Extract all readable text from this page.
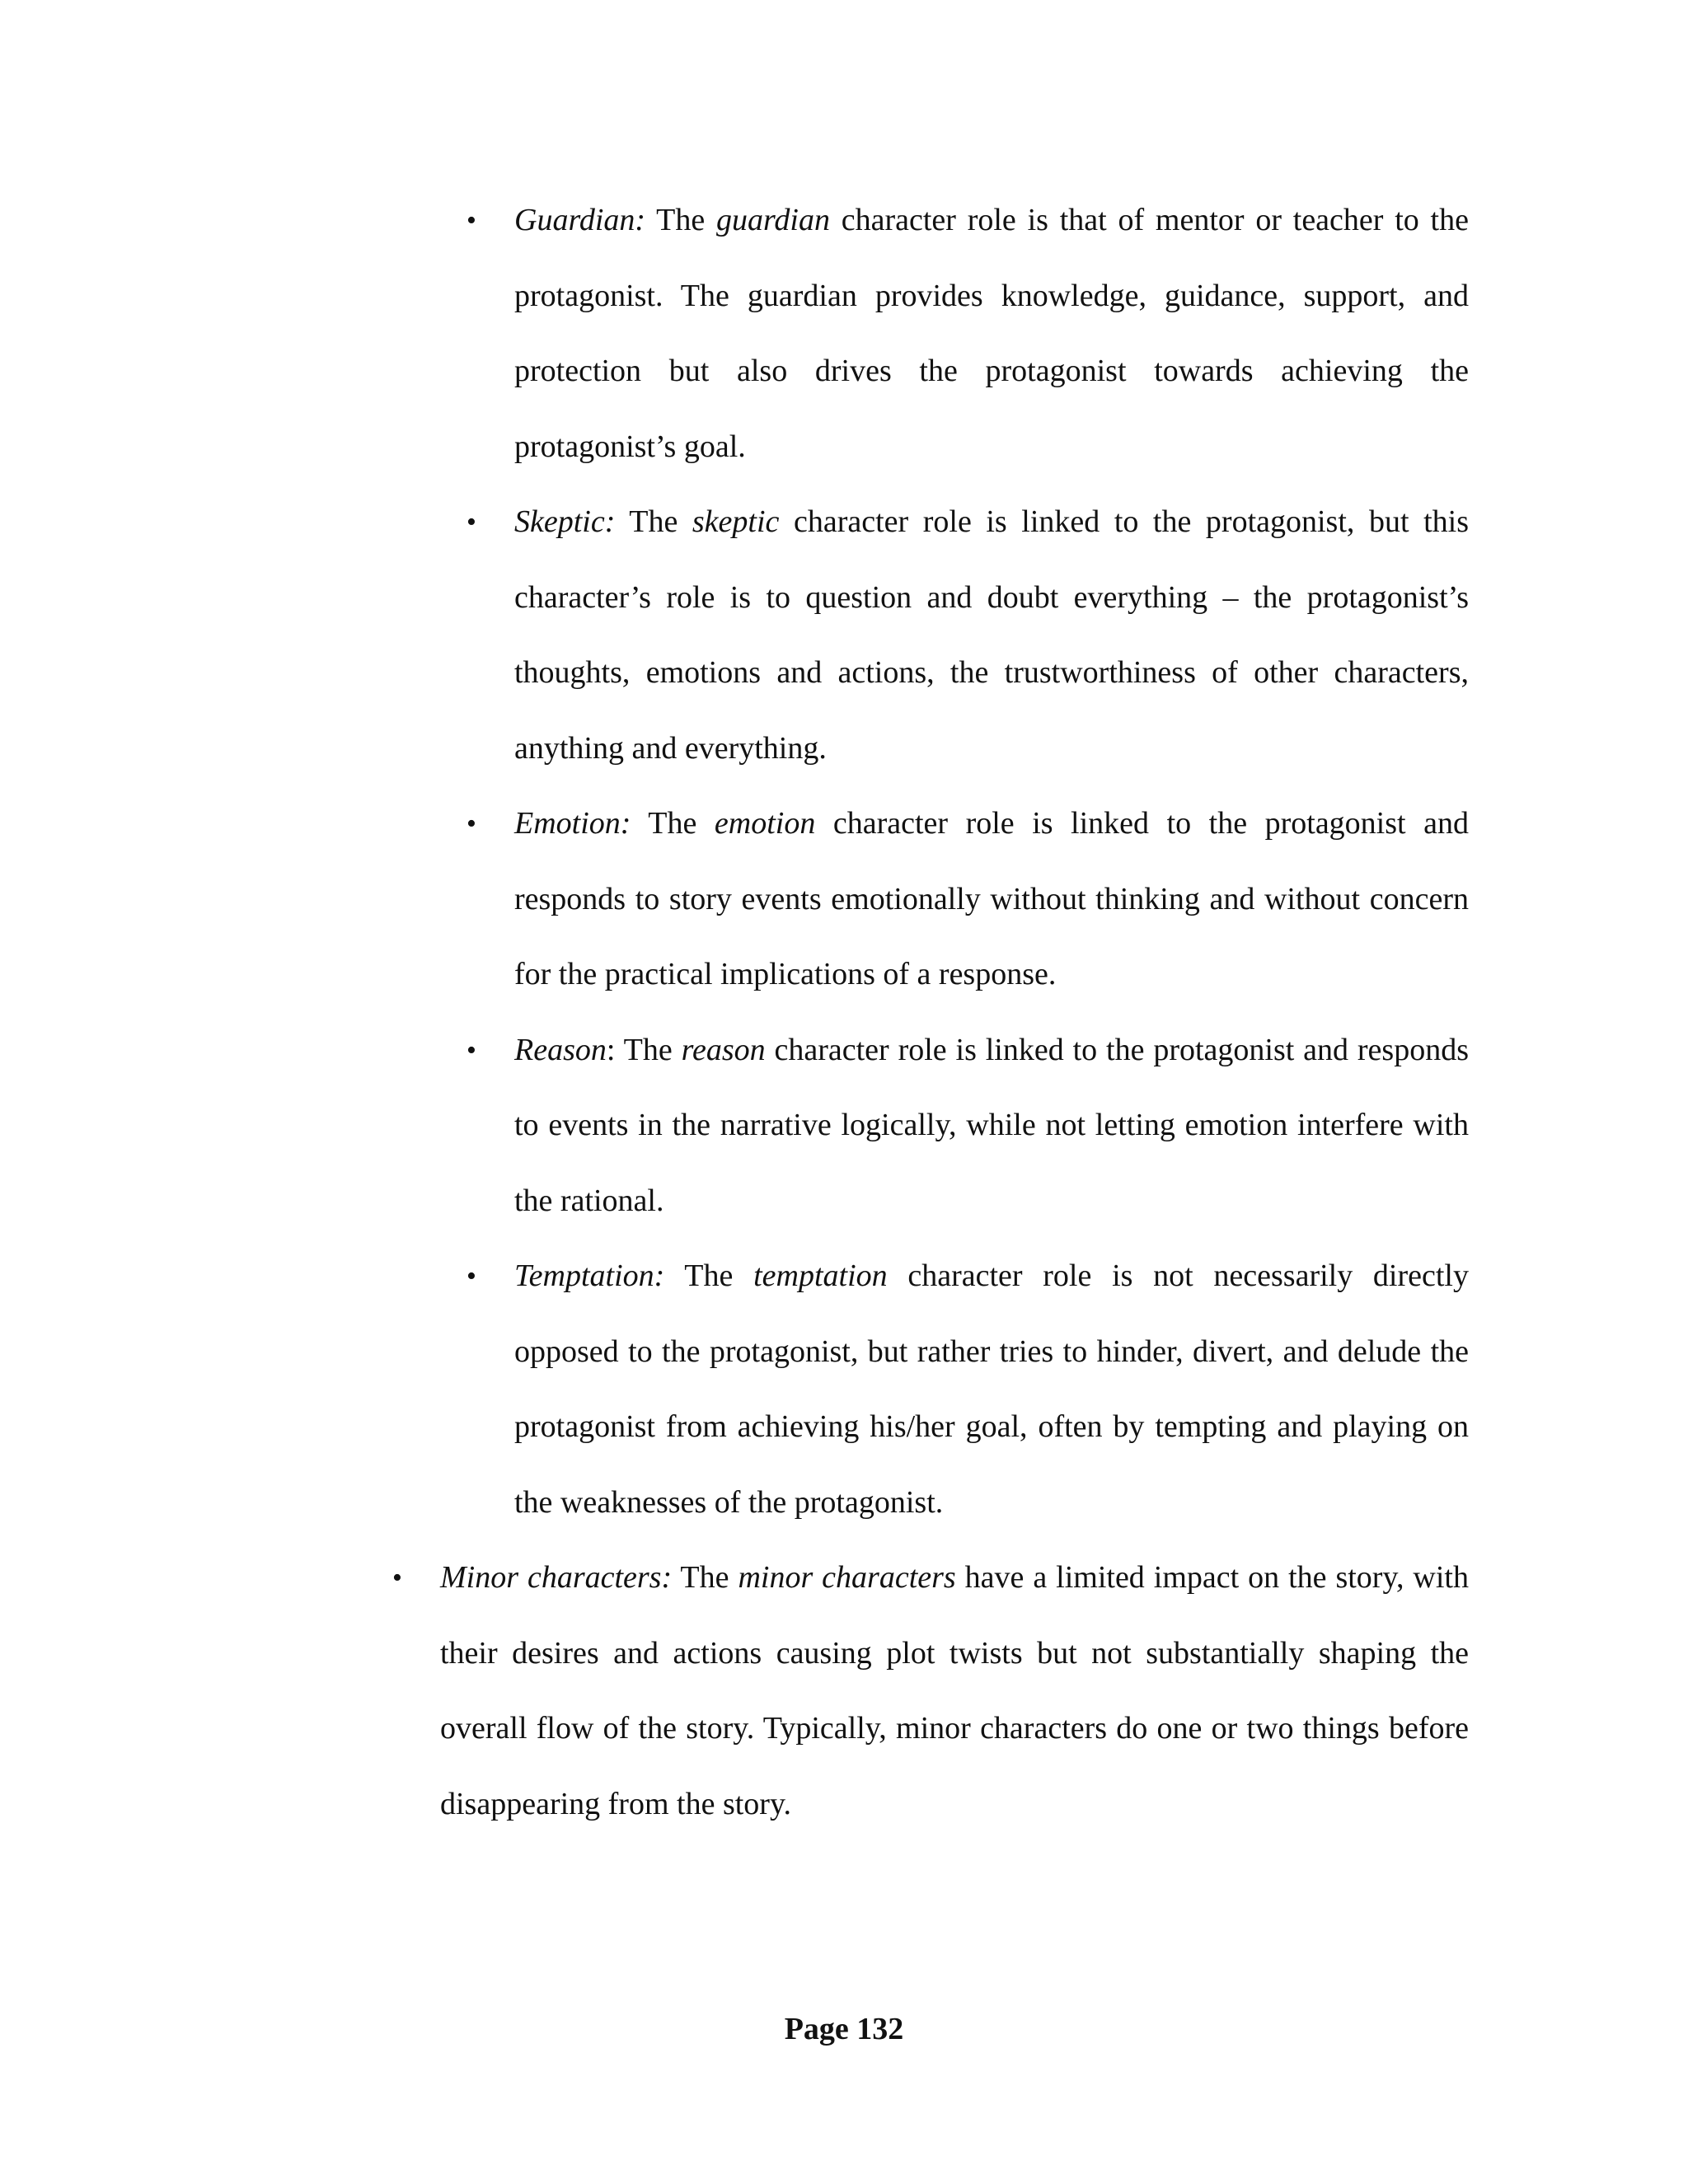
• Guardian: The guardian character role is that of mentor or teacher to the protagonist. The guardian provides knowledge, guidance, support, and protection but also drives the protagonist towards achieving the protagonist’s goal.

• Skeptic: The skeptic character role is linked to the protagonist, but this character’s role is to question and doubt everything – the protagonist’s thoughts, emotions and actions, the trustworthiness of other characters, anything and everything.

• Emotion: The emotion character role is linked to the protagonist and responds to story events emotionally without thinking and without concern for the practical implications of a response.

• Reason: The reason character role is linked to the protagonist and responds to events in the narrative logically, while not letting emotion interfere with the rational.

• Temptation: The temptation character role is not necessarily directly opposed to the protagonist, but rather tries to hinder, divert, and delude the protagonist from achieving his/her goal, often by tempting and playing on the weaknesses of the protagonist.

• Minor characters: The minor characters have a limited impact on the story, with their desires and actions causing plot twists but not substantially shaping the overall flow of the story. Typically, minor characters do one or two things before disappearing from the story.

Page 132
